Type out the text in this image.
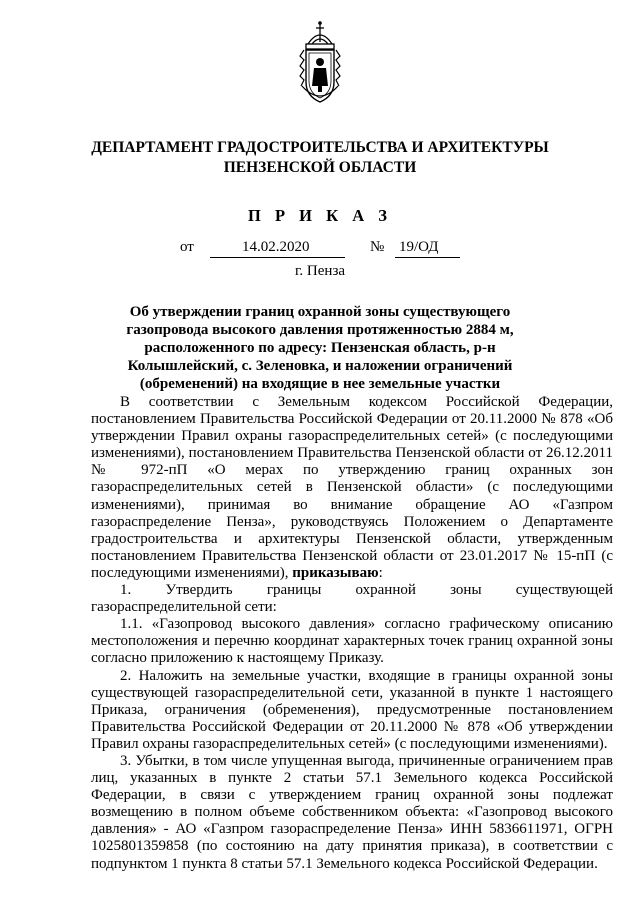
ДЕПАРТАМЕНТ ГРАДОСТРОИТЕЛЬСТВА И АРХИТЕКТУРЫ
ПЕНЗЕНСКОЙ ОБЛАСТИ
П Р И К А З
от	14.02.2020	№ 19/ОД
г. Пенза
Об утверждении границ охранной зоны существующего газопровода высокого давления протяженностью 2884 м, расположенного по адресу: Пензенская область, р-н Колышлейский, с. Зеленовка, и наложении ограничений (обременений) на входящие в нее земельные участки

В соответствии с Земельным кодексом Российской Федерации, постановлением Правительства Российской Федерации от 20.11.2000 № 878 «Об утверждении Правил охраны газораспределительных сетей» (с последующими изменениями), постановлением Правительства Пензенской области от 26.12.2011 № 972-пП «О мерах по утверждению границ охранных зон газораспределительных сетей в Пензенской области» (с последующими изменениями), принимая во внимание обращение АО «Газпром газораспределение Пенза», руководствуясь Положением о Департаменте градостроительства и архитектуры Пензенской области, утвержденным постановлением Правительства Пензенской области от 23.01.2017 № 15-пП (с последующими изменениями), приказываю:

1. Утвердить границы охранной зоны существующей газораспределительной сети:

1.1. «Газопровод высокого давления» согласно графическому описанию местоположения и перечню координат характерных точек границ охранной зоны согласно приложению к настоящему Приказу.

2. Наложить на земельные участки, входящие в границы охранной зоны существующей газораспределительной сети, указанной в пункте 1 настоящего Приказа, ограничения (обременения), предусмотренные постановлением Правительства Российской Федерации от 20.11.2000 № 878 «Об утверждении Правил охраны газораспределительных сетей» (с последующими изменениями).

3. Убытки, в том числе упущенная выгода, причиненные ограничением прав лиц, указанных в пункте 2 статьи 57.1 Земельного кодекса Российской Федерации, в связи с утверждением границ охранной зоны подлежат возмещению в полном объеме собственником объекта: «Газопровод высокого давления» - АО «Газпром газораспределение Пенза» ИНН 5836611971, ОГРН 1025801359858 (по состоянию на дату принятия приказа), в соответствии с подпунктом 1 пункта 8 статьи 57.1 Земельного кодекса Российской Федерации.
